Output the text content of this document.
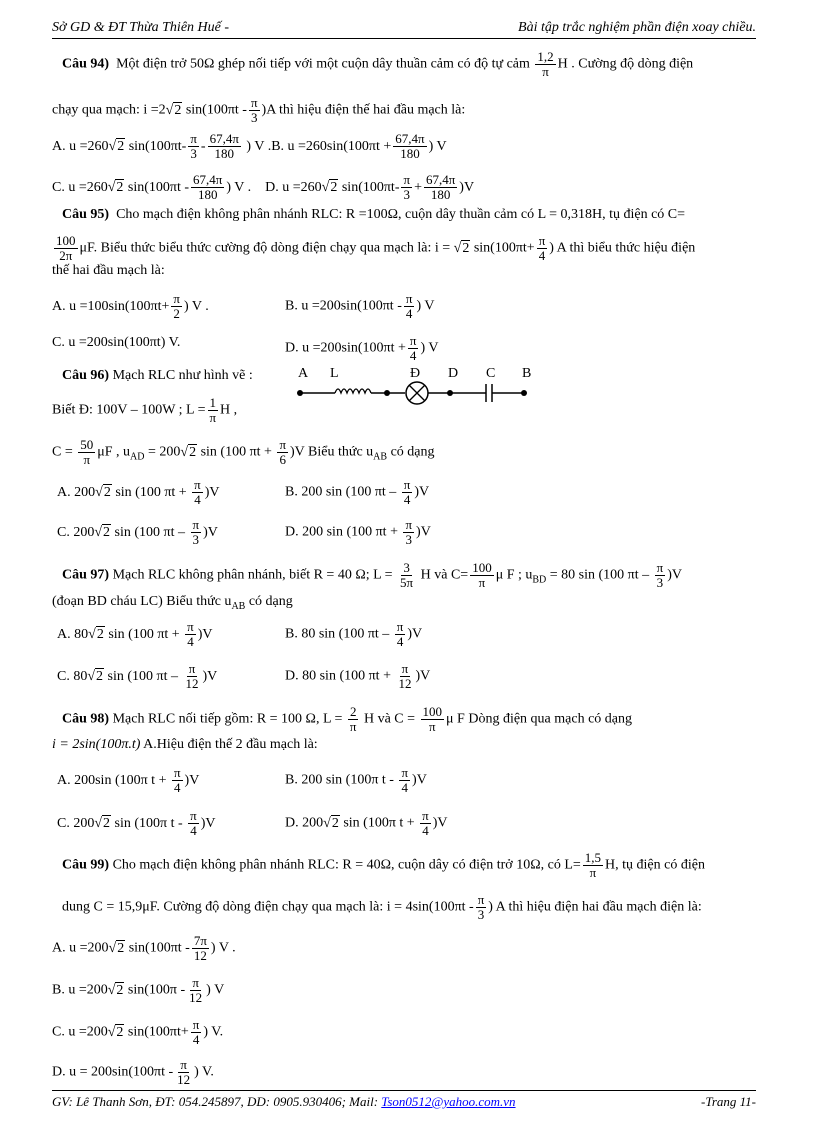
Sở GD & ĐT Thừa Thiên Huế -	Bài tập trắc nghiệm phần điện xoay chiều.
Câu 94) Một điện trở 50Ω ghép nối tiếp với một cuộn dây thuần cảm có độ tự cảm $\frac{1,2}{\pi}$ H . Cường độ dòng điện
chạy qua mạch: i =2√2 $\sin(100\pi t - \frac{\pi}{3} )A$ thì hiệu điện thế hai đầu mạch là:
A. u =260√2 $\sin(100\pi t- \frac{\pi}{3} - \frac{67,4\pi}{180}$ ) V .B. $u =260\sin(100\pi t + \frac{67,4\pi}{180}$ ) V
C. u =260√2 $\sin(100\pi t - \frac{67,4\pi}{180}$ ) V . D. u =260√2 $\sin(100\pi t- \frac{\pi}{3} + \frac{67,4\pi}{180} )V$
Câu 95) Cho mạch điện không phân nhánh RLC: R =100Ω, cuộn dây thuần cảm có L = 0,318H, tụ điện có C=
$\frac{100}{2\pi} \mu F$. Biểu thức biểu thức cường độ dòng điện chạy qua mạch là: i = √2 $\sin(100\pi t+ \frac{\pi}{4}$ ) A thì biểu thức hiệu điện
thế hai đầu mạch là:
A. $u =100\sin(100\pi t+ \frac{\pi}{2}$ ) V .	B. $u =200\sin(100\pi t - \frac{\pi}{4}$ ) V
C. u =200sin(100πt) V.	D. $u =200\sin(100\pi t + \frac{\pi}{4}$ ) V
Câu 96) Mạch RLC như hình vẽ :
Biết Đ: 100V – 100W ; $L = \frac{1}{\pi}$ H ,
A L	Đ D C B
$C = \frac{50}{\pi}$ μF , $u_{AD} = 200√2$ sin (100 $\pi t + \frac{\pi}{6} )V$ Biểu thức $u_{AB}$ có dạng
A. 200√2 sin (100 $\pi t + \frac{\pi}{4} )V$	B. 200 sin (100 πt – $\frac{\pi}{4} )V$
C. 200√2 sin (100 πt – $\frac{\pi}{3} )V$	D. 200 sin (100 $\pi t + \frac{\pi}{3} )V$
Câu 97) Mạch RLC không phân nhánh, biết R = 40 Ω; $L = \frac{3}{5\pi}$ H và $C= \frac{100}{\pi}$ μ F ; $u_{BD} = 80$ sin (100 πt – $\frac{\pi}{3} )V$
(đoạn BD cháu LC) Biểu thức $u_{AB}$ có dạng
A. 80√2 sin (100 $\pi t + \frac{\pi}{4} )V$	B. 80 sin (100 πt – $\frac{\pi}{4} )V$
C. 80√2 sin (100 πt – $\frac{\pi}{12} )V$	D. 80 sin (100 $\pi t + \frac{\pi}{12} )V$
Câu 98) Mạch RLC nối tiếp gồm: R = 100 Ω, $L = \frac{2}{\pi}$ H và $C = \frac{100}{\pi}$ μ F Dòng điện qua mạch có dạng
i = 2sin(100π.t) A.Hiệu điện thế 2 đầu mạch là:
A. 200sin (100π $t + \frac{\pi}{4} )V$	B. 200 sin (100π t - $\frac{\pi}{4} )V$
C. 200√2 sin (100π t - $\frac{\pi}{4} )V$	D. 200√2 sin (100π $t + \frac{\pi}{4} )V$
Câu 99) Cho mạch điện không phân nhánh RLC: R = 40Ω, cuộn dây có điện trở 10Ω, có $L= \frac{1,5}{\pi} H$, tụ điện có điện
dung C = 15,9μF. Cường độ dòng điện chạy qua mạch là: $i = 4\sin(100\pi t - \frac{\pi}{3}$ ) A thì hiệu điện hai đầu mạch điện là:
A. u =200√2 $\sin(100\pi t - \frac{7\pi}{12}$ ) V .
B. u =200√2 $\sin(100\pi - \frac{\pi}{12}$ ) V
C. u =200√2 $\sin(100\pi t+ \frac{\pi}{4}$ ) V.
D. $u = 200\sin(100\pi t - \frac{\pi}{12}$ ) V.
GV: Lê Thanh Sơn, ĐT: 054.245897, DD: 0905.930406; Mail: Tson0512@yahoo.com.vn	-Trang 11-
